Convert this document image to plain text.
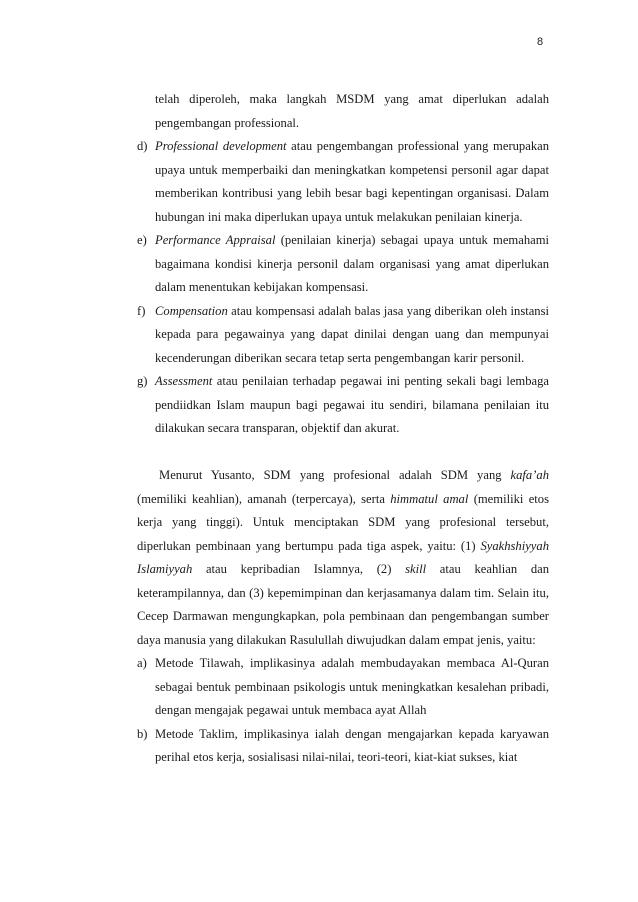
8

telah diperoleh, maka langkah MSDM yang amat diperlukan adalah pengembangan professional.

d) Professional development atau pengembangan professional yang merupakan upaya untuk memperbaiki dan meningkatkan kompetensi personil agar dapat memberikan kontribusi yang lebih besar bagi kepentingan organisasi. Dalam hubungan ini maka diperlukan upaya untuk melakukan penilaian kinerja.
e) Performance Appraisal (penilaian kinerja) sebagai upaya untuk memahami bagaimana kondisi kinerja personil dalam organisasi yang amat diperlukan dalam menentukan kebijakan kompensasi.
f) Compensation atau kompensasi adalah balas jasa yang diberikan oleh instansi kepada para pegawainya yang dapat dinilai dengan uang dan mempunyai kecenderungan diberikan secara tetap serta pengembangan karir personil.
g) Assessment atau penilaian terhadap pegawai ini penting sekali bagi lembaga pendiidkan Islam maupun bagi pegawai itu sendiri, bilamana penilaian itu dilakukan secara transparan, objektif dan akurat.

Menurut Yusanto, SDM yang profesional adalah SDM yang kafa’ah (memiliki keahlian), amanah (terpercaya), serta himmatul amal (memiliki etos kerja yang tinggi). Untuk menciptakan SDM yang profesional tersebut, diperlukan pembinaan yang bertumpu pada tiga aspek, yaitu: (1) Syakhshiyyah Islamiyyah atau kepribadian Islamnya, (2) skill atau keahlian dan keterampilannya, dan (3) kepemimpinan dan kerjasamanya dalam tim. Selain itu, Cecep Darmawan mengungkapkan, pola pembinaan dan pengembangan sumber daya manusia yang dilakukan Rasulullah diwujudkan dalam empat jenis, yaitu:

a) Metode Tilawah, implikasinya adalah membudayakan membaca Al-Quran sebagai bentuk pembinaan psikologis untuk meningkatkan kesalehan pribadi, dengan mengajak pegawai untuk membaca ayat Allah
b) Metode Taklim, implikasinya ialah dengan mengajarkan kepada karyawan perihal etos kerja, sosialisasi nilai-nilai, teori-teori, kiat-kiat sukses, kiat
